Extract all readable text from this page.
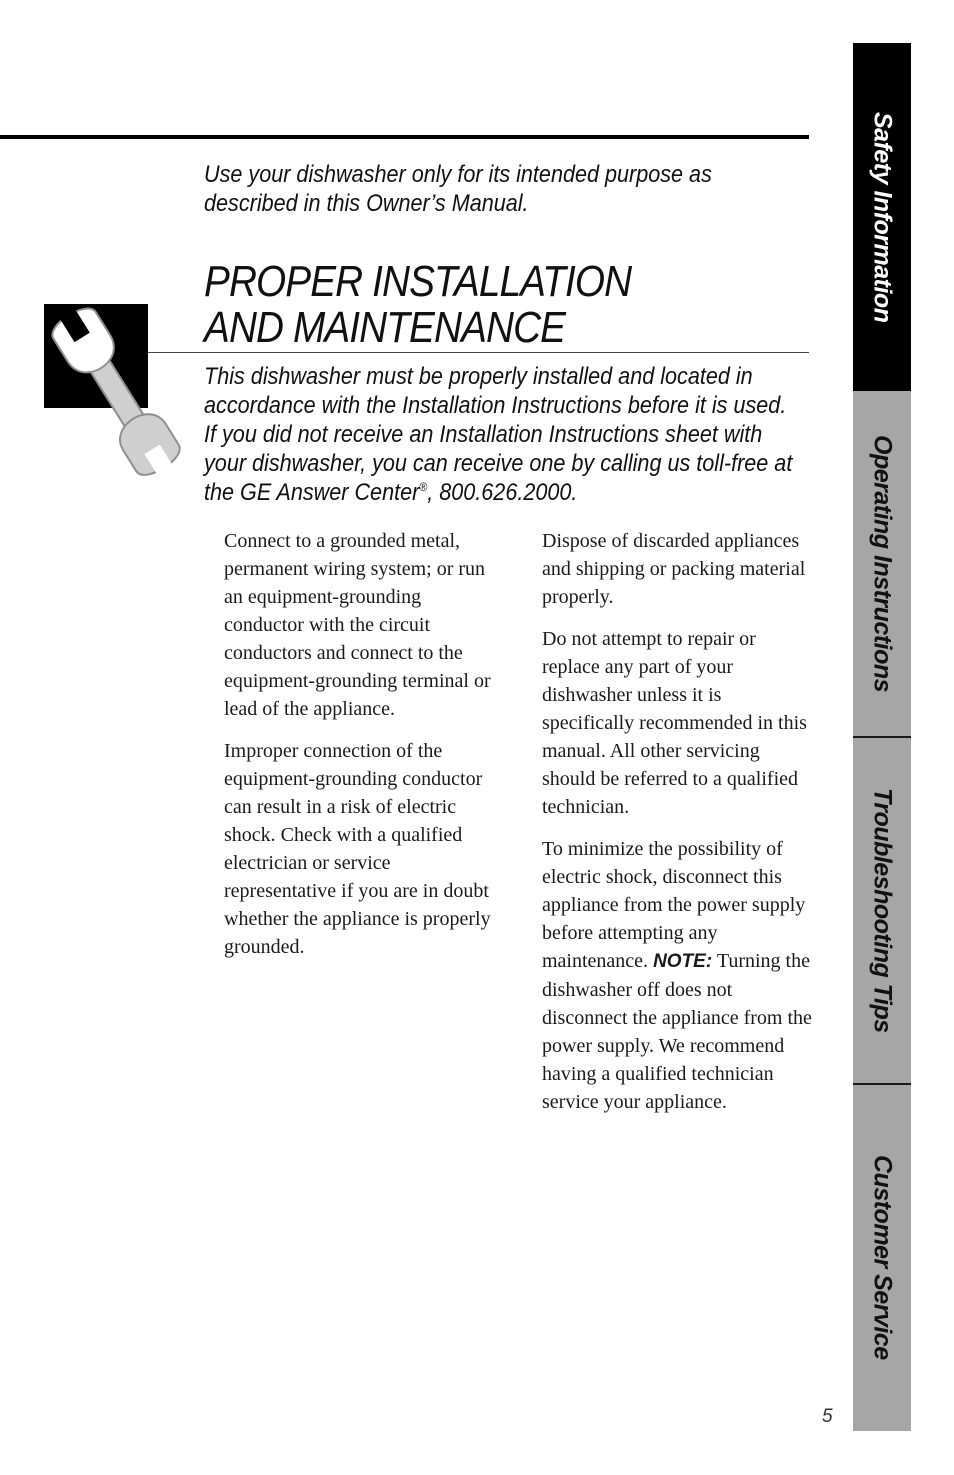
Use your dishwasher only for its intended purpose as
described in this Owner’s Manual.
PROPER INSTALLATION
AND MAINTENANCE
This dishwasher must be properly installed and located in accordance with the Installation Instructions before it is used. If you did not receive an Installation Instructions sheet with your dishwasher, you can receive one by calling us toll-free at the GE Answer Center®, 800.626.2000.

Connect to a grounded metal, permanent wiring system; or run an equipment-grounding conductor with the circuit conductors and connect to the equipment-grounding terminal or lead of the appliance.

Improper connection of the equipment-grounding conductor can result in a risk of electric shock. Check with a qualified electrician or service representative if you are in doubt whether the appliance is properly grounded.

Dispose of discarded appliances and shipping or packing material properly.

Do not attempt to repair or replace any part of your dishwasher unless it is specifically recommended in this manual. All other servicing should be referred to a qualified technician.

To minimize the possibility of electric shock, disconnect this appliance from the power supply before attempting any maintenance. NOTE: Turning the dishwasher off does not disconnect the appliance from the power supply. We recommend having a qualified technician service your appliance.

Safety Information
Operating Instructions
Troubleshooting Tips
Customer Service
5
